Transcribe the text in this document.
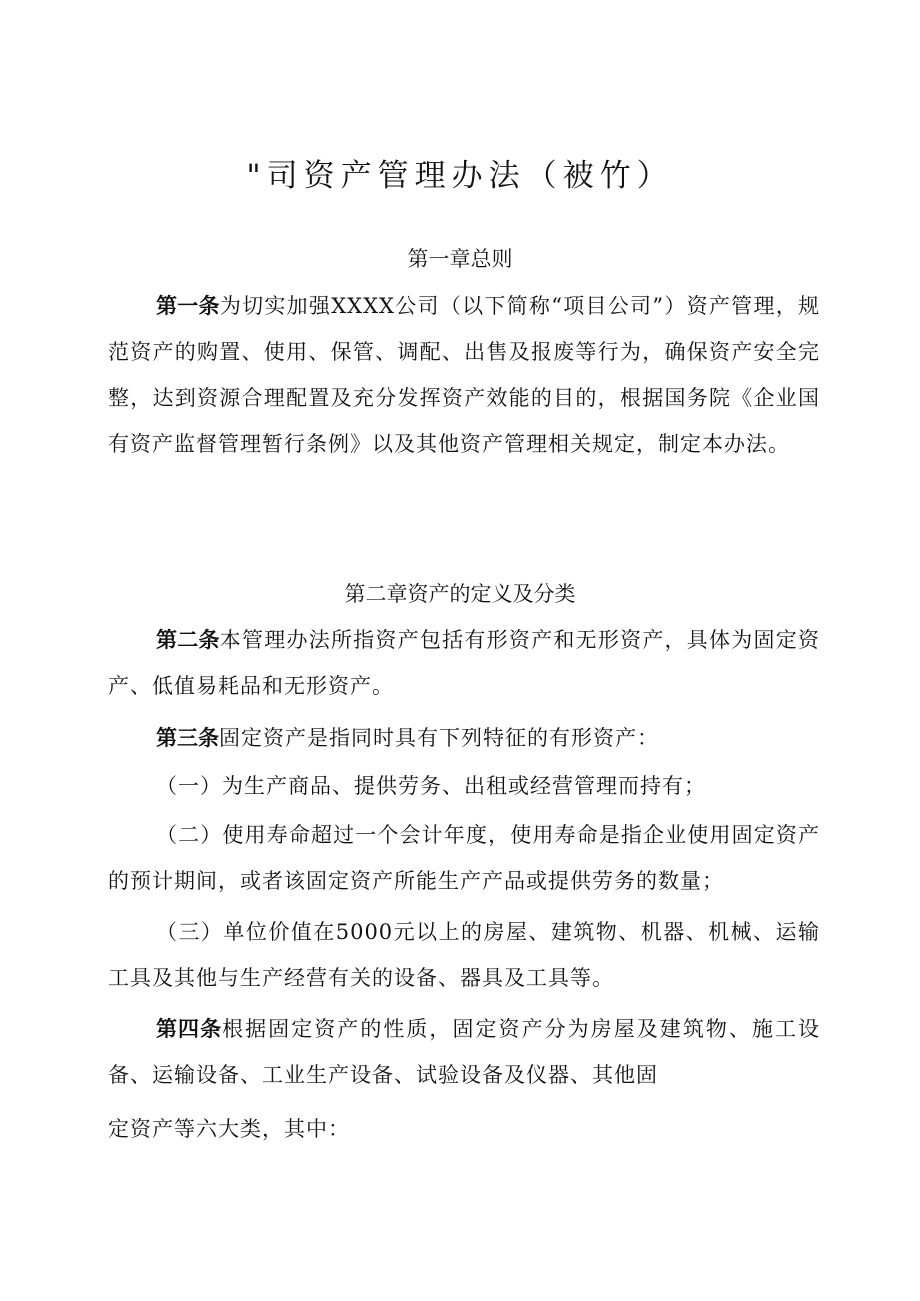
"司资产管理办法（被竹）
第一章总则
第一条为切实加强XXXX公司（以下简称“项目公司”）资产管理，规范资产的购置、使用、保管、调配、出售及报废等行为，确保资产安全完整，达到资源合理配置及充分发挥资产效能的目的，根据国务院《企业国有资产监督管理暂行条例》以及其他资产管理相关规定，制定本办法。
第二章资产的定义及分类
第二条本管理办法所指资产包括有形资产和无形资产，具体为固定资产、低值易耗品和无形资产。
第三条固定资产是指同时具有下列特征的有形资产：
（一）为生产商品、提供劳务、出租或经营管理而持有；
（二）使用寿命超过一个会计年度，使用寿命是指企业使用固定资产的预计期间，或者该固定资产所能生产产品或提供劳务的数量；
（三）单位价值在5000元以上的房屋、建筑物、机器、机械、运输工具及其他与生产经营有关的设备、器具及工具等。
第四条根据固定资产的性质，固定资产分为房屋及建筑物、施工设备、运输设备、工业生产设备、试验设备及仪器、其他固
定资产等六大类，其中：
